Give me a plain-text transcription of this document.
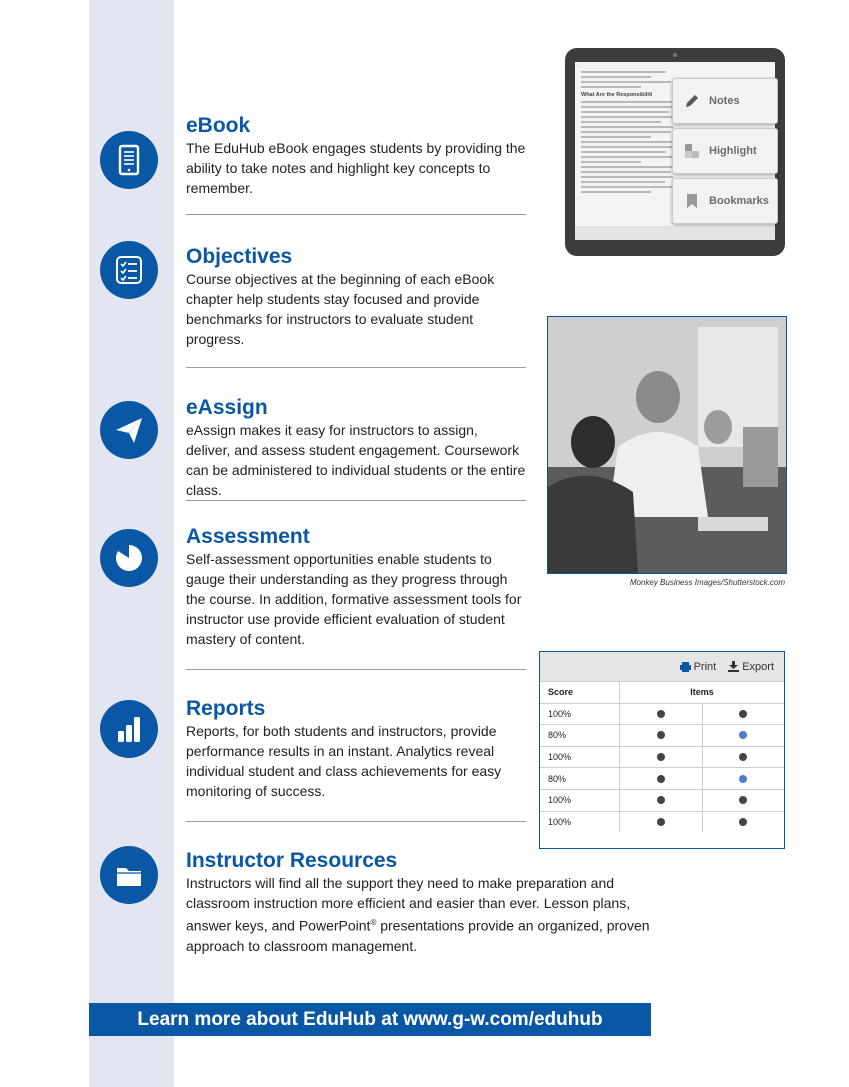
eBook

The EduHub eBook engages students by providing the ability to take notes and highlight key concepts to remember.

Objectives

Course objectives at the beginning of each eBook chapter help students stay focused and provide benchmarks for instructors to evaluate student progress.

eAssign

eAssign makes it easy for instructors to assign, deliver, and assess student engagement. Coursework can be administered to individual students or the entire class.

Assessment

Self-assessment opportunities enable students to gauge their understanding as they progress through the course. In addition, formative assessment tools for instructor use provide efficient evaluation of student mastery of content.

Reports

Reports, for both students and instructors, provide performance results in an instant. Analytics reveal individual student and class achievements for easy monitoring of success.

Instructor Resources

Instructors will find all the support they need to make preparation and classroom instruction more efficient and easier than ever. Lesson plans, answer keys, and PowerPoint® presentations provide an organized, proven approach to classroom management.

What Are the Responsibiliti	Notes
Highlight
Bookmarks
Monkey Business Images/Shutterstock.com
Print Export
Score	Items
100%
80%
100%
80%
100%
100%
Learn more about EduHub at www.g-w.com/eduhub
